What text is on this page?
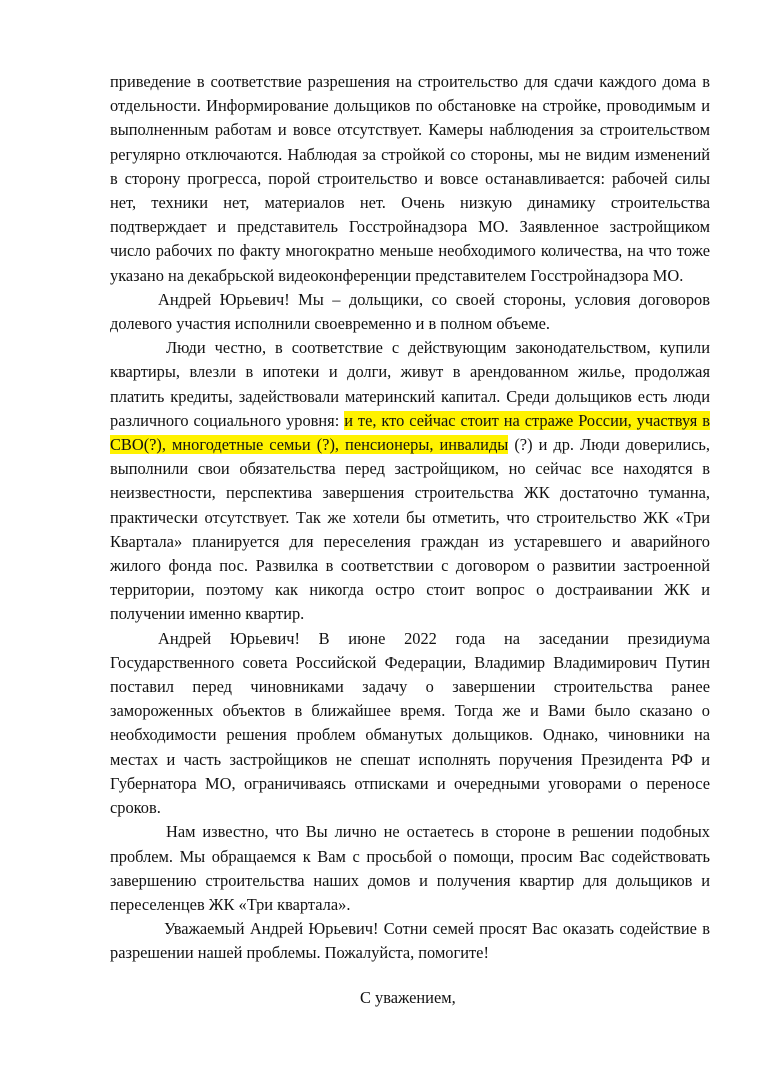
приведение в соответствие разрешения на строительство для сдачи каждого дома в отдельности. Информирование дольщиков по обстановке на стройке, проводимым и выполненным работам и вовсе отсутствует. Камеры наблюдения за строительством регулярно отключаются. Наблюдая за стройкой со стороны, мы не видим изменений в сторону прогресса, порой строительство и вовсе останавливается: рабочей силы нет, техники нет, материалов нет. Очень низкую динамику строительства подтверждает и представитель Госстройнадзора МО. Заявленное застройщиком число рабочих по факту многократно меньше необходимого количества, на что тоже указано на декабрьской видеоконференции представителем Госстройнадзора МО.

Андрей Юрьевич! Мы – дольщики, со своей стороны, условия договоров долевого участия исполнили своевременно и в полном объеме.

Люди честно, в соответствие с действующим законодательством, купили квартиры, влезли в ипотеки и долги, живут в арендованном жилье, продолжая платить кредиты, задействовали материнский капитал. Среди дольщиков есть люди различного социального уровня: и те, кто сейчас стоит на страже России, участвуя в СВО(?), многодетные семьи (?), пенсионеры, инвалиды (?) и др. Люди доверились, выполнили свои обязательства перед застройщиком, но сейчас все находятся в неизвестности, перспектива завершения строительства ЖК достаточно туманна, практически отсутствует. Так же хотели бы отметить, что строительство ЖК «Три Квартала» планируется для переселения граждан из устаревшего и аварийного жилого фонда пос. Развилка в соответствии с договором о развитии застроенной территории, поэтому как никогда остро стоит вопрос о достраивании ЖК и получении именно квартир.

Андрей Юрьевич! В июне 2022 года на заседании президиума Государственного совета Российской Федерации, Владимир Владимирович Путин поставил перед чиновниками задачу о завершении строительства ранее замороженных объектов в ближайшее время. Тогда же и Вами было сказано о необходимости решения проблем обманутых дольщиков. Однако, чиновники на местах и часть застройщиков не спешат исполнять поручения Президента РФ и Губернатора МО, ограничиваясь отписками и очередными уговорами о переносе сроков.

Нам известно, что Вы лично не остаетесь в стороне в решении подобных проблем. Мы обращаемся к Вам с просьбой о помощи, просим Вас содействовать завершению строительства наших домов и получения квартир для дольщиков и переселенцев ЖК «Три квартала».

Уважаемый Андрей Юрьевич! Сотни семей просят Вас оказать содействие в разрешении нашей проблемы. Пожалуйста, помогите!

С уважением,
